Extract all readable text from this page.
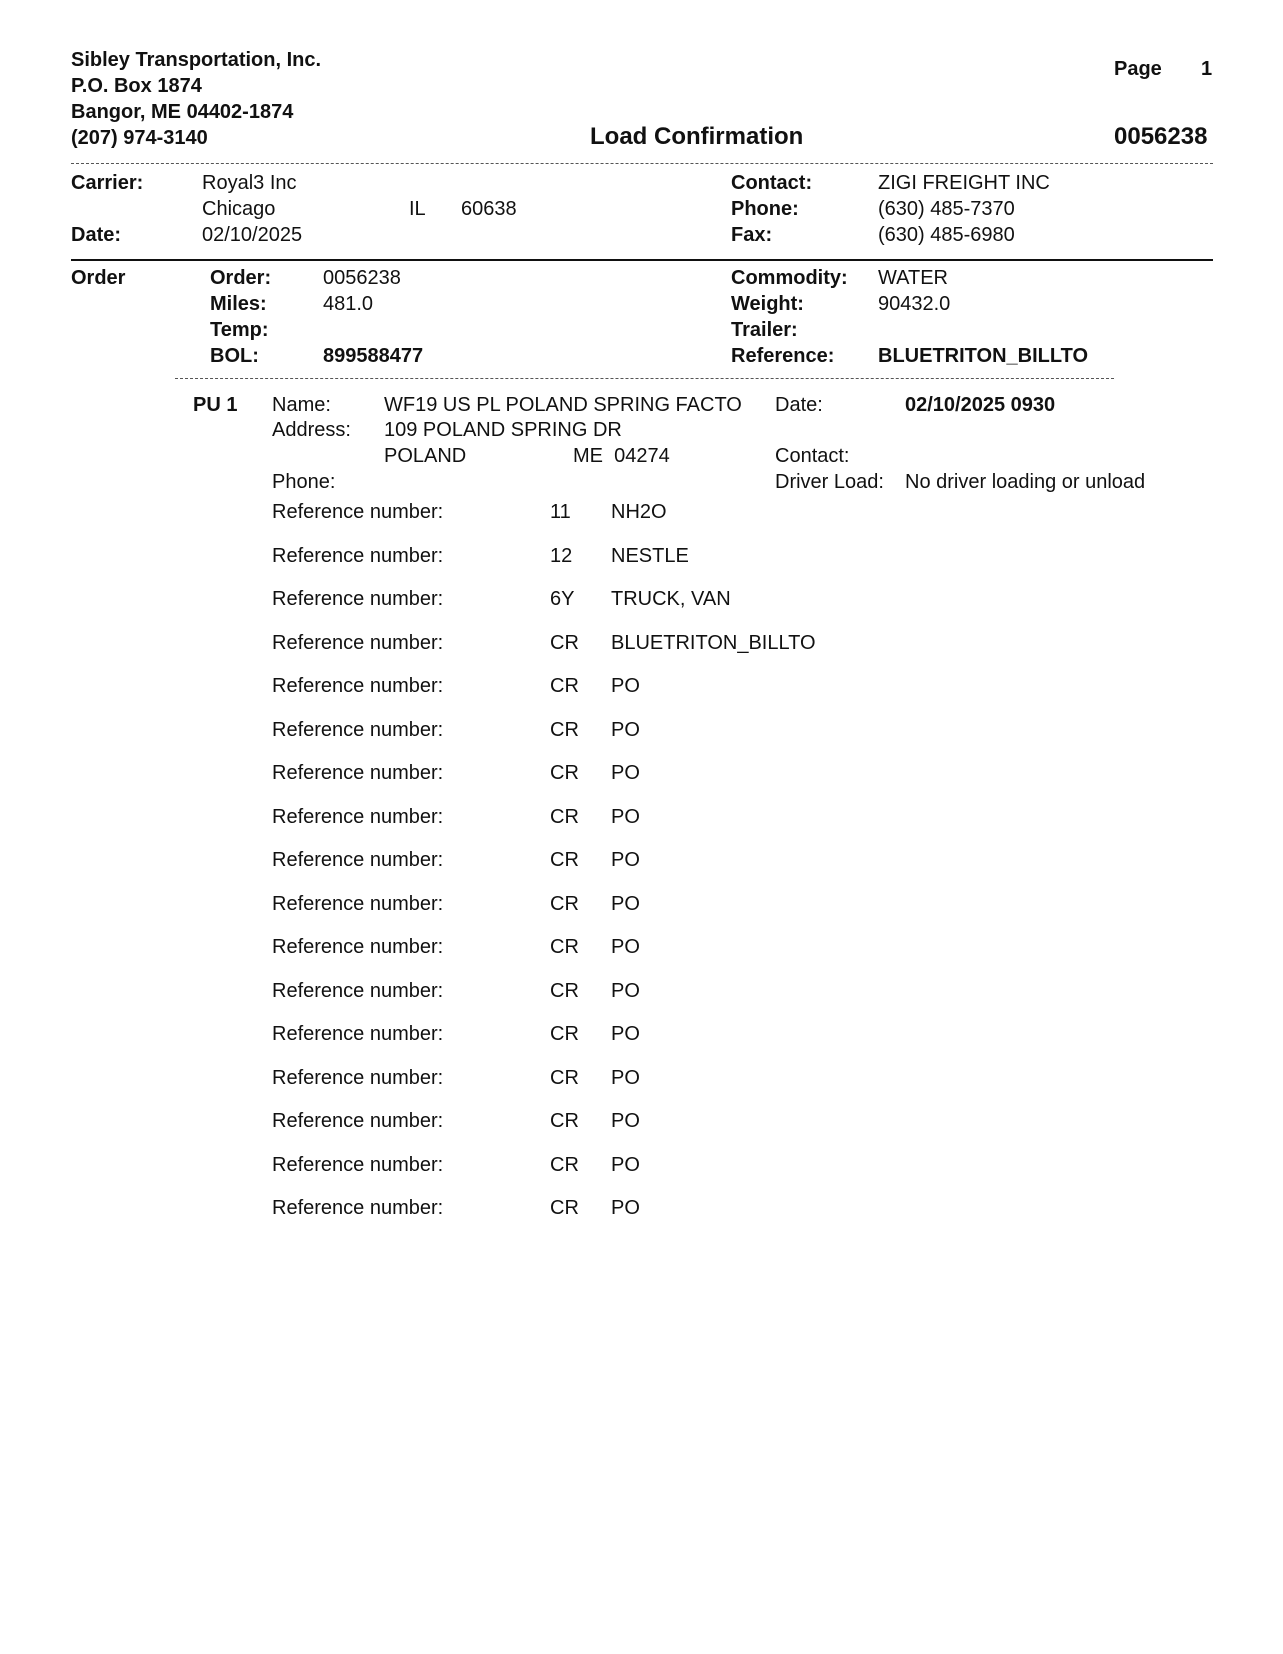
Sibley Transportation, Inc.
P.O. Box 1874
Bangor, ME 04402-1874
(207) 974-3140
Page 1
Load Confirmation	0056238
Carrier:	Royal3 Inc
Chicago	IL 60638
Date:	02/10/2025
Contact:	ZIGI FREIGHT INC
Phone:	(630) 485-7370
Fax:	(630) 485-6980
Order	Order:	0056238
Miles:	481.0
Temp:
BOL:	899588477
Commodity: WATER
Weight:	90432.0
Trailer:
Reference: BLUETRITON_BILLTO
PU 1 Name:	WF19 US PL POLAND SPRING FACTO
Address: 109 POLAND SPRING DR
POLAND	ME  04274
Phone:
Date:	02/10/2025 0930
Contact:
Driver Load: No driver loading or unload
Reference number:	11 NH2O
Reference number:	12 NESTLE
Reference number:	6Y TRUCK, VAN
Reference number:	CR BLUETRITON_BILLTO
Reference number:	CR PO
Reference number:	CR PO
Reference number:	CR PO
Reference number:	CR PO
Reference number:	CR PO
Reference number:	CR PO
Reference number:	CR PO
Reference number:	CR PO
Reference number:	CR PO
Reference number:	CR PO
Reference number:	CR PO
Reference number:	CR PO
Reference number:	CR PO
